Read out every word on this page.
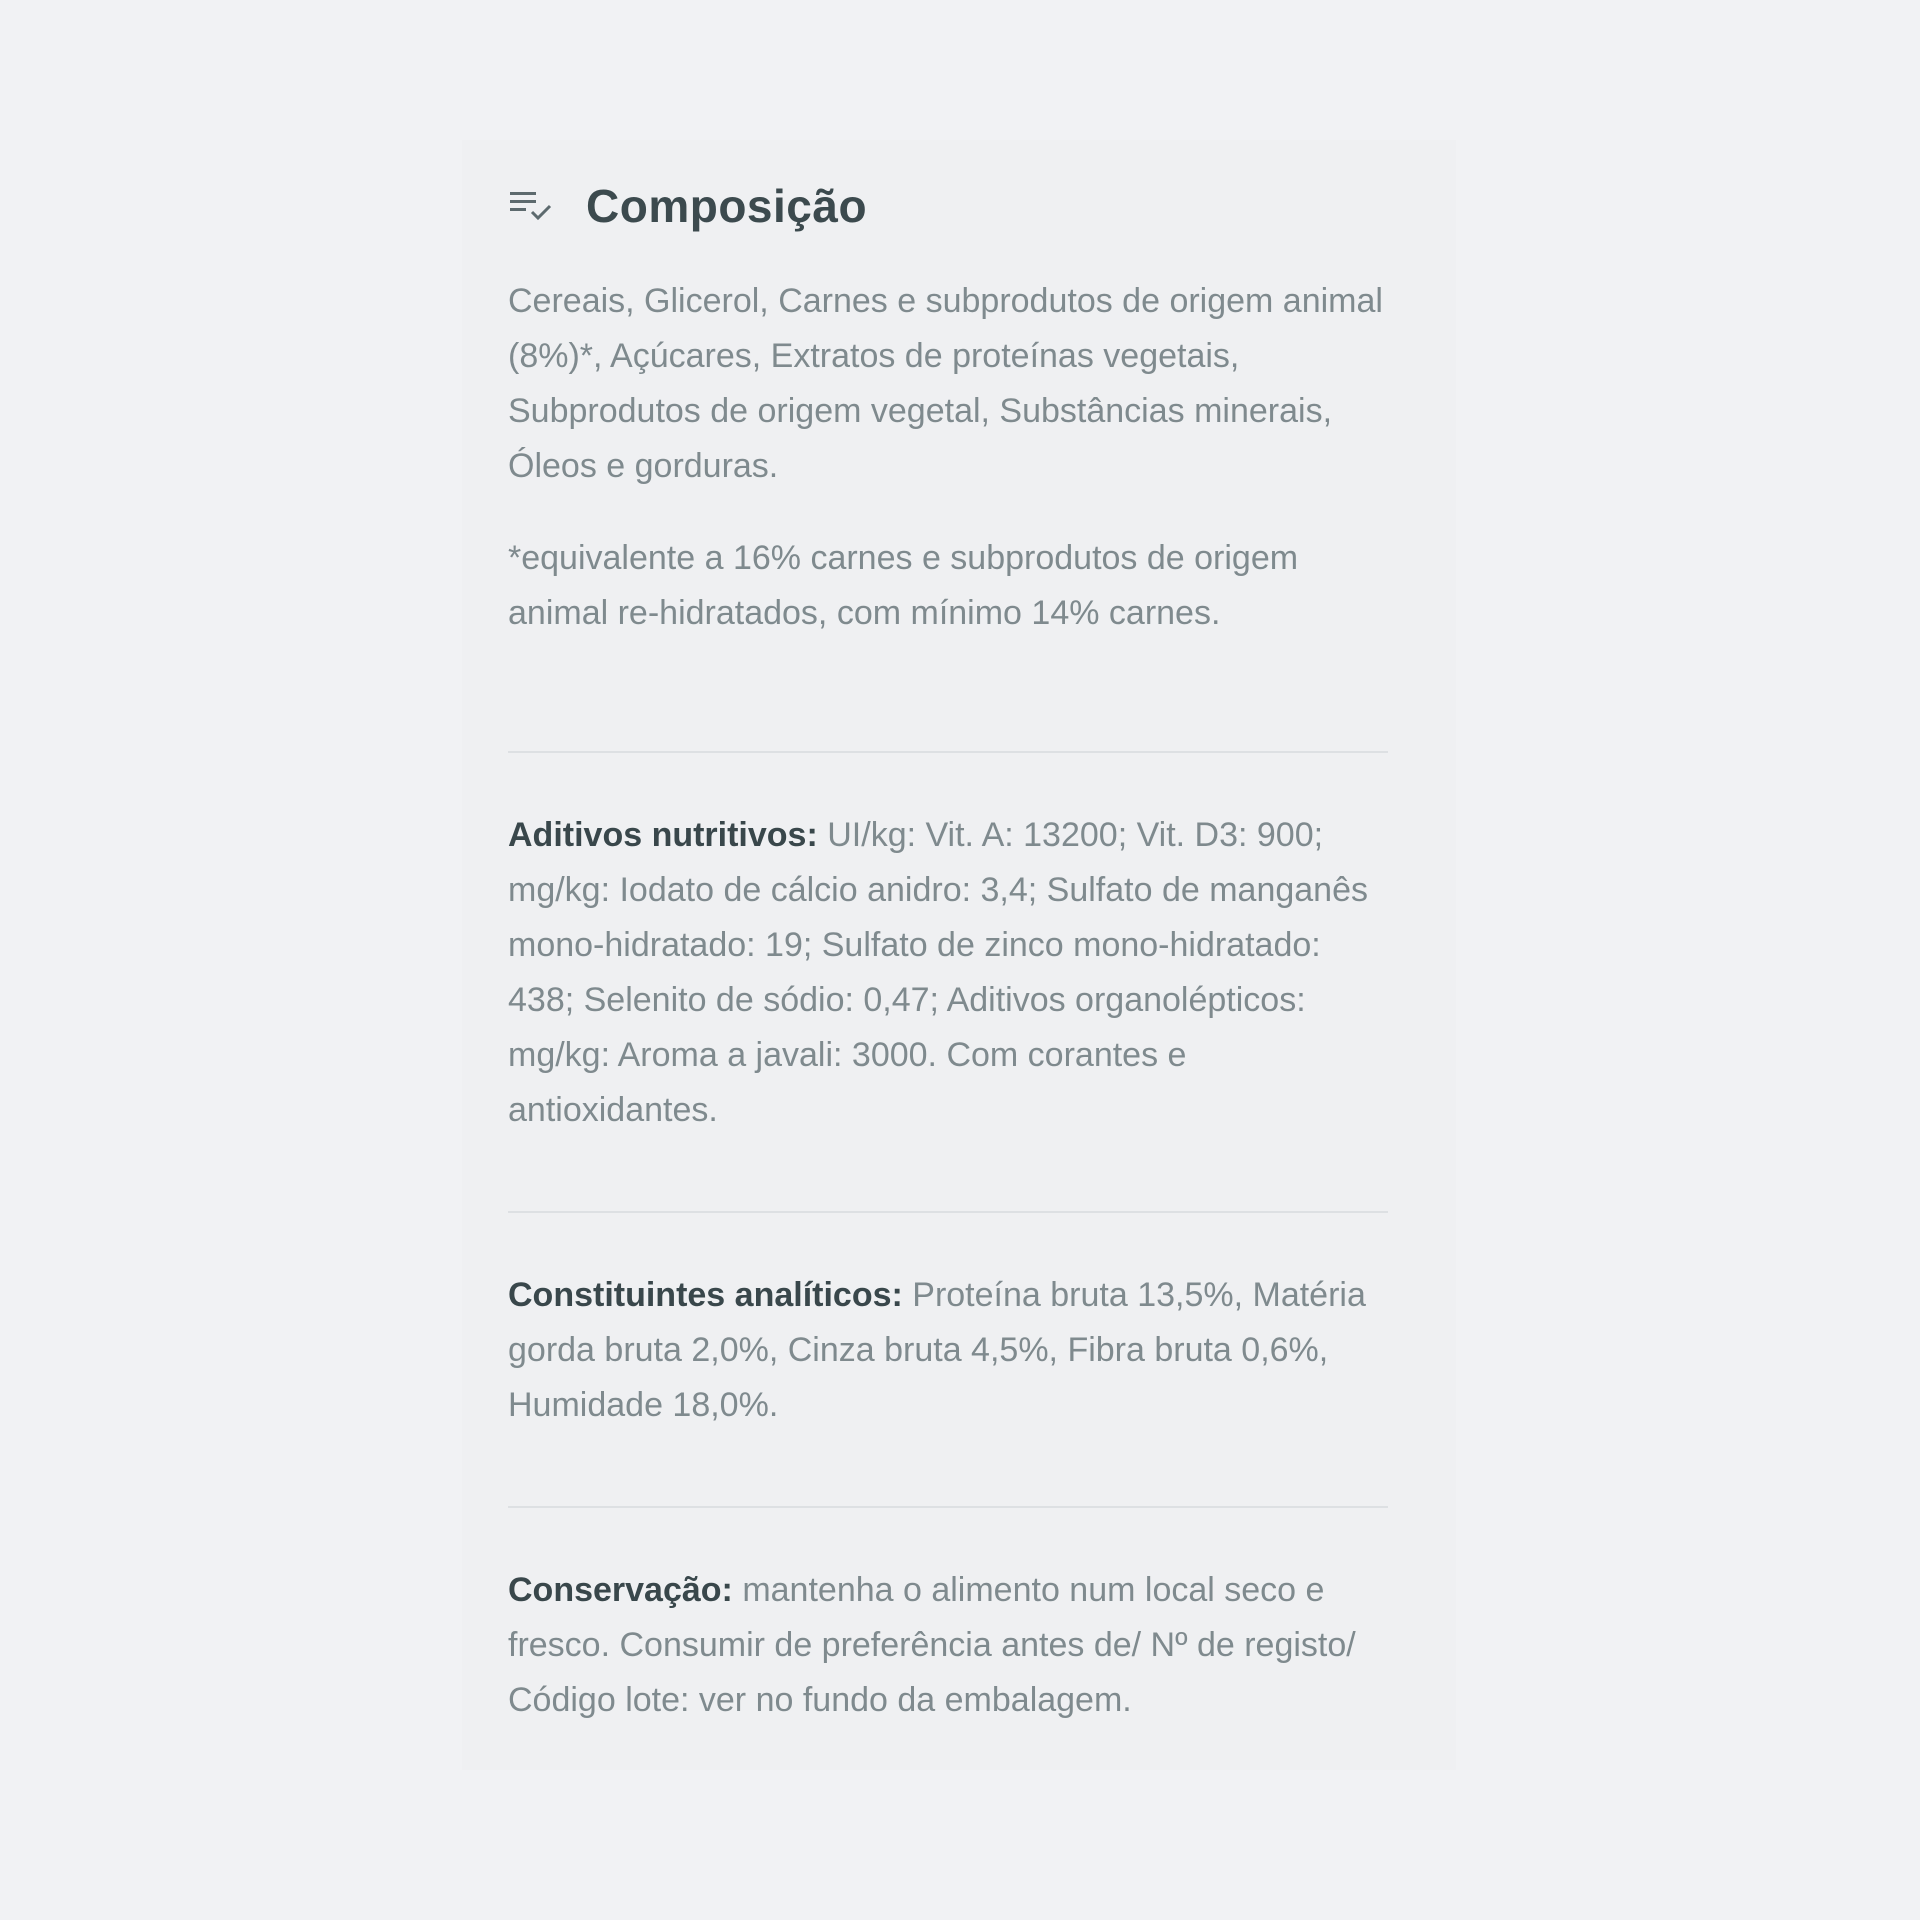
Composição

Cereais, Glicerol, Carnes e subprodutos de origem animal (8%)*, Açúcares, Extratos de proteínas vegetais, Subprodutos de origem vegetal, Substâncias minerais, Óleos e gorduras.

*equivalente a 16% carnes e subprodutos de origem animal re-hidratados, com mínimo 14% carnes.

Aditivos nutritivos: UI/kg: Vit. A: 13200; Vit. D3: 900; mg/kg: Iodato de cálcio anidro: 3,4; Sulfato de manganês mono-hidratado: 19; Sulfato de zinco mono-hidratado: 438; Selenito de sódio: 0,47; Aditivos organolépticos: mg/kg: Aroma a javali: 3000. Com corantes e antioxidantes.

Constituintes analíticos: Proteína bruta 13,5%, Matéria gorda bruta 2,0%, Cinza bruta 4,5%, Fibra bruta 0,6%, Humidade 18,0%.

Conservação: mantenha o alimento num local seco e fresco. Consumir de preferência antes de/ Nº de registo/ Código lote: ver no fundo da embalagem.
